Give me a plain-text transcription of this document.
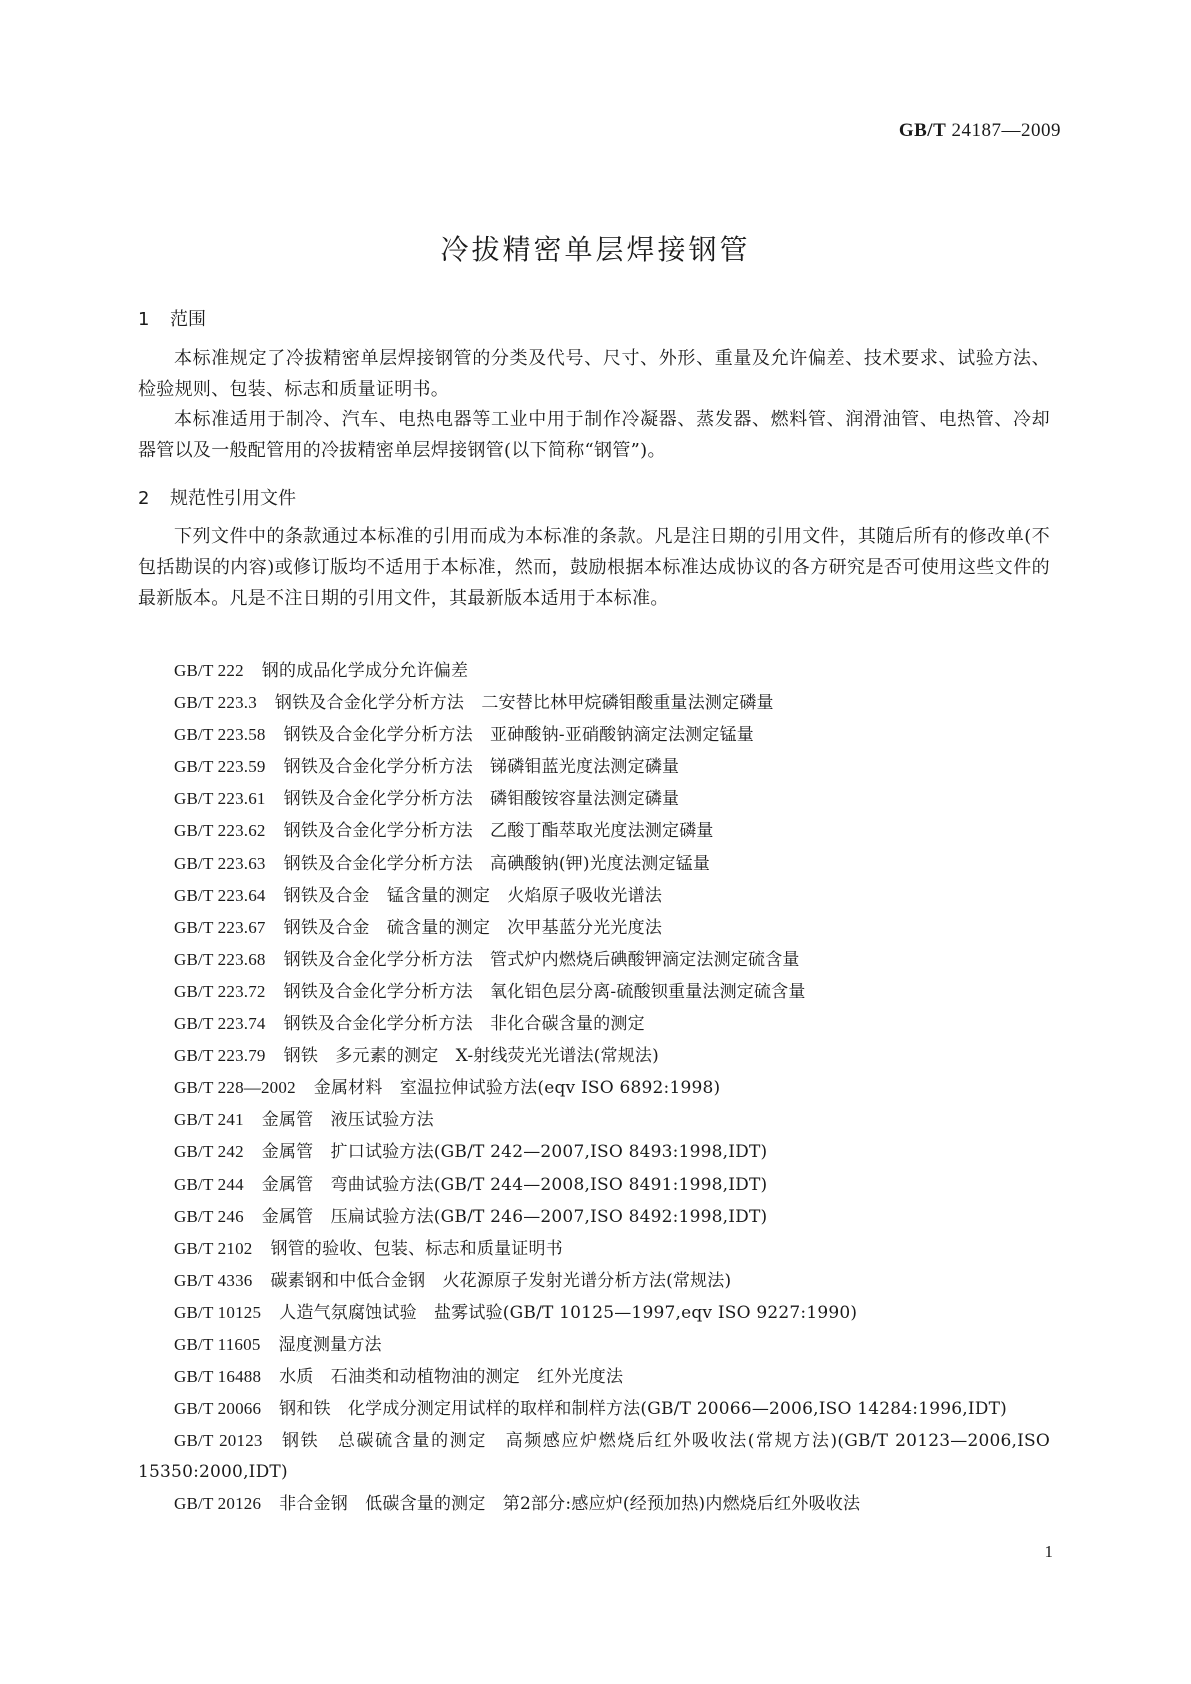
GB/T 24187—2009
冷拔精密单层焊接钢管
1 范围
本标准规定了冷拔精密单层焊接钢管的分类及代号、尺寸、外形、重量及允许偏差、技术要求、试验方法、检验规则、包装、标志和质量证明书。
本标准适用于制冷、汽车、电热电器等工业中用于制作冷凝器、蒸发器、燃料管、润滑油管、电热管、冷却器管以及一般配管用的冷拔精密单层焊接钢管(以下简称“钢管”)。
2 规范性引用文件
下列文件中的条款通过本标准的引用而成为本标准的条款。凡是注日期的引用文件，其随后所有的修改单(不包括勘误的内容)或修订版均不适用于本标准，然而，鼓励根据本标准达成协议的各方研究是否可使用这些文件的最新版本。凡是不注日期的引用文件，其最新版本适用于本标准。
GB/T 222 钢的成品化学成分允许偏差
GB/T 223.3 钢铁及合金化学分析方法　二安替比林甲烷磷钼酸重量法测定磷量
GB/T 223.58 钢铁及合金化学分析方法　亚砷酸钠-亚硝酸钠滴定法测定锰量
GB/T 223.59 钢铁及合金化学分析方法　锑磷钼蓝光度法测定磷量
GB/T 223.61 钢铁及合金化学分析方法　磷钼酸铵容量法测定磷量
GB/T 223.62 钢铁及合金化学分析方法　乙酸丁酯萃取光度法测定磷量
GB/T 223.63 钢铁及合金化学分析方法　高碘酸钠(钾)光度法测定锰量
GB/T 223.64 钢铁及合金　锰含量的测定　火焰原子吸收光谱法
GB/T 223.67 钢铁及合金　硫含量的测定　次甲基蓝分光光度法
GB/T 223.68 钢铁及合金化学分析方法　管式炉内燃烧后碘酸钾滴定法测定硫含量
GB/T 223.72 钢铁及合金化学分析方法　氧化铝色层分离-硫酸钡重量法测定硫含量
GB/T 223.74 钢铁及合金化学分析方法　非化合碳含量的测定
GB/T 223.79 钢铁　多元素的测定　X-射线荧光光谱法(常规法)
GB/T 228—2002 金属材料　室温拉伸试验方法(eqv ISO 6892:1998)
GB/T 241 金属管　液压试验方法
GB/T 242 金属管　扩口试验方法(GB/T 242—2007,ISO 8493:1998,IDT)
GB/T 244 金属管　弯曲试验方法(GB/T 244—2008,ISO 8491:1998,IDT)
GB/T 246 金属管　压扁试验方法(GB/T 246—2007,ISO 8492:1998,IDT)
GB/T 2102 钢管的验收、包装、标志和质量证明书
GB/T 4336 碳素钢和中低合金钢　火花源原子发射光谱分析方法(常规法)
GB/T 10125 人造气氛腐蚀试验　盐雾试验(GB/T 10125—1997,eqv ISO 9227:1990)
GB/T 11605 湿度测量方法
GB/T 16488 水质　石油类和动植物油的测定　红外光度法
GB/T 20066 钢和铁　化学成分测定用试样的取样和制样方法(GB/T 20066—2006,ISO 14284:1996,IDT)
GB/T 20123 钢铁　总碳硫含量的测定　高频感应炉燃烧后红外吸收法(常规方法)(GB/T 20123—2006,ISO 15350:2000,IDT)
GB/T 20126 非合金钢　低碳含量的测定　第2部分:感应炉(经预加热)内燃烧后红外吸收法
1
